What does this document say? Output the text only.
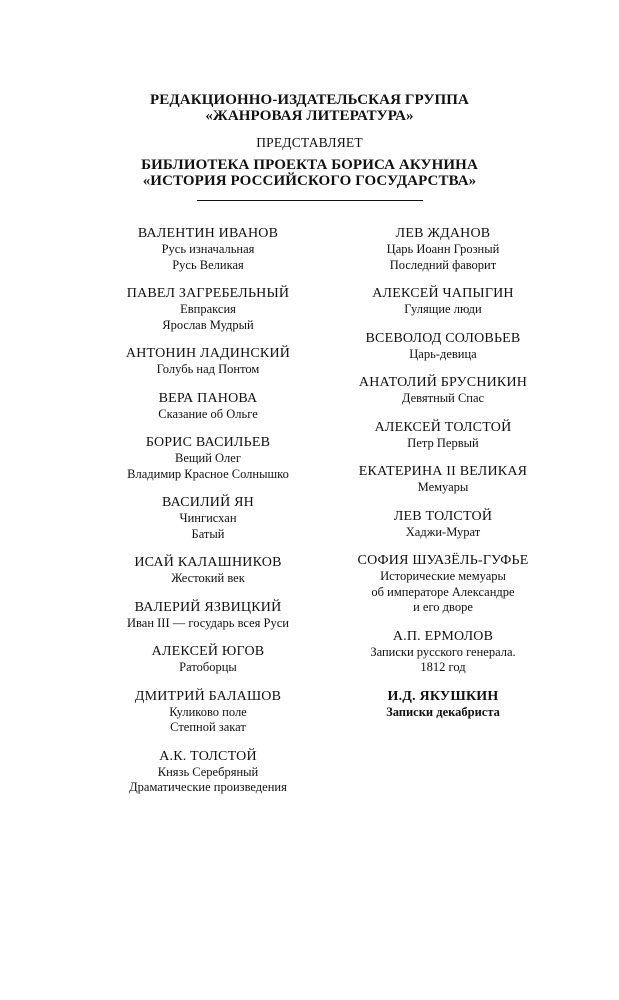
РЕДАКЦИОННО-ИЗДАТЕЛЬСКАЯ ГРУППА
«ЖАНРОВАЯ ЛИТЕРАТУРА»
ПРЕДСТАВЛЯЕТ
БИБЛИОТЕКА ПРОЕКТА БОРИСА АКУНИНА
«ИСТОРИЯ РОССИЙСКОГО ГОСУДАРСТВА»
ВАЛЕНТИН ИВАНОВ
Русь изначальная
Русь Великая
ПАВЕЛ ЗАГРЕБЕЛЬНЫЙ
Евпраксия
Ярослав Мудрый
АНТОНИН ЛАДИНСКИЙ
Голубь над Понтом
ВЕРА ПАНОВА
Сказание об Ольге
БОРИС ВАСИЛЬЕВ
Вещий Олег
Владимир Красное Солнышко
ВАСИЛИЙ ЯН
Чингисхан
Батый
ИСАЙ КАЛАШНИКОВ
Жестокий век
ВАЛЕРИЙ ЯЗВИЦКИЙ
Иван III — государь всея Руси
АЛЕКСЕЙ ЮГОВ
Ратоборцы
ДМИТРИЙ БАЛАШОВ
Куликово поле
Степной закат
А.К. ТОЛСТОЙ
Князь Серебряный
Драматические произведения
ЛЕВ ЖДАНОВ
Царь Иоанн Грозный
Последний фаворит
АЛЕКСЕЙ ЧАПЫГИН
Гулящие люди
ВСЕВОЛОД СОЛОВЬЕВ
Царь-девица
АНАТОЛИЙ БРУСНИКИН
Девятный Спас
АЛЕКСЕЙ ТОЛСТОЙ
Петр Первый
ЕКАТЕРИНА II ВЕЛИКАЯ
Мемуары
ЛЕВ ТОЛСТОЙ
Хаджи-Мурат
СОФИЯ ШУАЗЁЛЬ-ГУФЬЕ
Исторические мемуары
об императоре Александре
и его дворе
А.П. ЕРМОЛОВ
Записки русского генерала.
1812 год
И.Д. ЯКУШКИН
Записки декабриста
